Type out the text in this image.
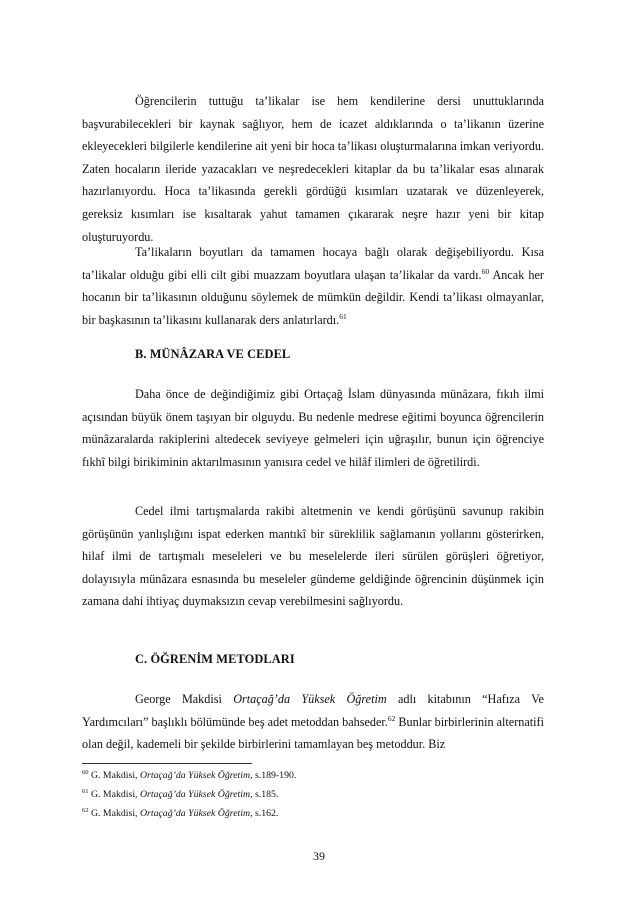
Öğrencilerin tuttuğu ta’likalar ise hem kendilerine dersi unuttuklarında başvurabilecekleri bir kaynak sağlıyor, hem de icazet aldıklarında o ta’likanın üzerine ekleyecekleri bilgilerle kendilerine ait yeni bir hoca ta’likası oluşturmalarına imkan veriyordu. Zaten hocaların ileride yazacakları ve neşredecekleri kitaplar da bu ta’likalar esas alınarak hazırlanıyordu. Hoca ta’likasında gerekli gördüğü kısımları uzatarak ve düzenleyerek, gereksiz kısımları ise kısaltarak yahut tamamen çıkararak neşre hazır yeni bir kitap oluşturuyordu.

Ta’likaların boyutları da tamamen hocaya bağlı olarak değişebiliyordu. Kısa ta’likalar olduğu gibi elli cilt gibi muazzam boyutlara ulaşan ta’likalar da vardı.$^{60}$ Ancak her hocanın bir ta’likasının olduğunu söylemek de mümkün değildir. Kendi ta’likası olmayanlar, bir başkasının ta’likasını kullanarak ders anlatırlardı.$^{61}$

B. MÜNÂZARA VE CEDEL

Daha önce de değindiğimiz gibi Ortaçağ İslam dünyasında münâzara, fıkıh ilmi açısından büyük önem taşıyan bir olguydu. Bu nedenle medrese eğitimi boyunca öğrencilerin münâzaralarda rakiplerini altedecek seviyeye gelmeleri için uğraşılır, bunun için öğrenciye fıkhî bilgi birikiminin aktarılmasının yanısıra cedel ve hilâf ilimleri de öğretilirdi.

Cedel ilmi tartışmalarda rakibi altetmenin ve kendi görüşünü savunup rakibin görüşünün yanlışlığını ispat ederken mantıkî bir süreklilik sağlamanın yollarını gösterirken, hilaf ilmi de tartışmalı meseleleri ve bu meselelerde ileri sürülen görüşleri öğretiyor, dolayısıyla münâzara esnasında bu meseleler gündeme geldiğinde öğrencinin düşünmek için zamana dahi ihtiyaç duymaksızın cevap verebilmesini sağlıyordu.

C. ÖĞRENİM METODLARI

George Makdisi Ortaçağ’da Yüksek Öğretim adlı kitabının “Hafıza Ve Yardımcıları” başlıklı bölümünde beş adet metoddan bahseder.$^{62}$ Bunlar birbirlerinin alternatifi olan değil, kademeli bir şekilde birbirlerini tamamlayan beş metoddur. Biz

$^{60}$ G. Makdisi, Ortaçağ’da Yüksek Öğretim, s.189-190.

$^{61}$ G. Makdisi, Ortaçağ’da Yüksek Öğretim, s.185.

$^{62}$ G. Makdisi, Ortaçağ’da Yüksek Öğretim, s.162.

39
